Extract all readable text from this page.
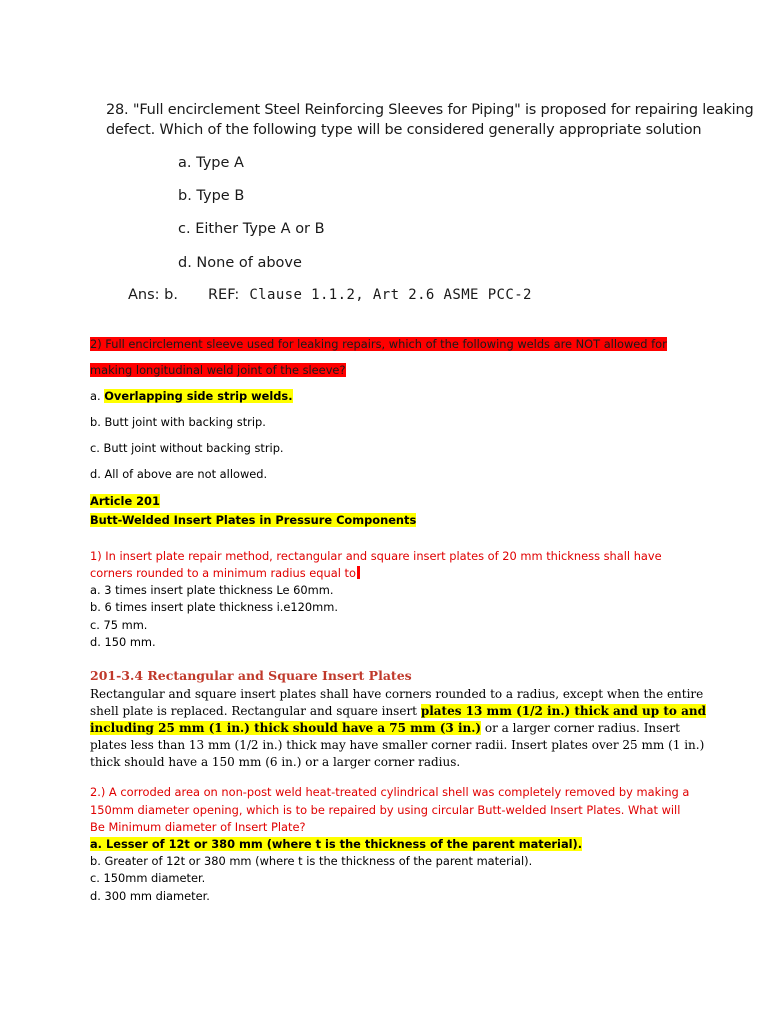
28. "Full encirclement Steel Reinforcing Sleeves for Piping" is proposed for repairing leaking
defect. Which of the following type will be considered generally appropriate solution
a. Type A
b. Type B
c. Either Type A or B
d. None of above
Ans: b. REF: Clause 1.1.2, Art 2.6 ASME PCC-2
2) Full encirclement sleeve used for leaking repairs, which of the following welds are NOT allowed for
making longitudinal weld joint of the sleeve?
a. Overlapping side strip welds.
b. Butt joint with backing strip.
c. Butt joint without backing strip.
d. All of above are not allowed.
Article 201
Butt-Welded Insert Plates in Pressure Components
1) In insert plate repair method, rectangular and square insert plates of 20 mm thickness shall have
corners rounded to a minimum radius equal to
a. 3 times insert plate thickness Le 60mm.
b. 6 times insert plate thickness i.e120mm.
c. 75 mm.
d. 150 mm.
201-3.4 Rectangular and Square Insert Plates
Rectangular and square insert plates shall have corners rounded to a radius, except when the entire
shell plate is replaced. Rectangular and square insert plates 13 mm (1/2 in.) thick and up to and
including 25 mm (1 in.) thick should have a 75 mm (3 in.) or a larger corner radius. Insert
plates less than 13 mm (1/2 in.) thick may have smaller corner radii. Insert plates over 25 mm (1 in.)
thick should have a 150 mm (6 in.) or a larger corner radius.
2.) A corroded area on non-post weld heat-treated cylindrical shell was completely removed by making a
150mm diameter opening, which is to be repaired by using circular Butt-welded Insert Plates. What will
Be Minimum diameter of Insert Plate?
a. Lesser of 12t or 380 mm (where t is the thickness of the parent material).
b. Greater of 12t or 380 mm (where t is the thickness of the parent material).
c. 150mm diameter.
d. 300 mm diameter.
